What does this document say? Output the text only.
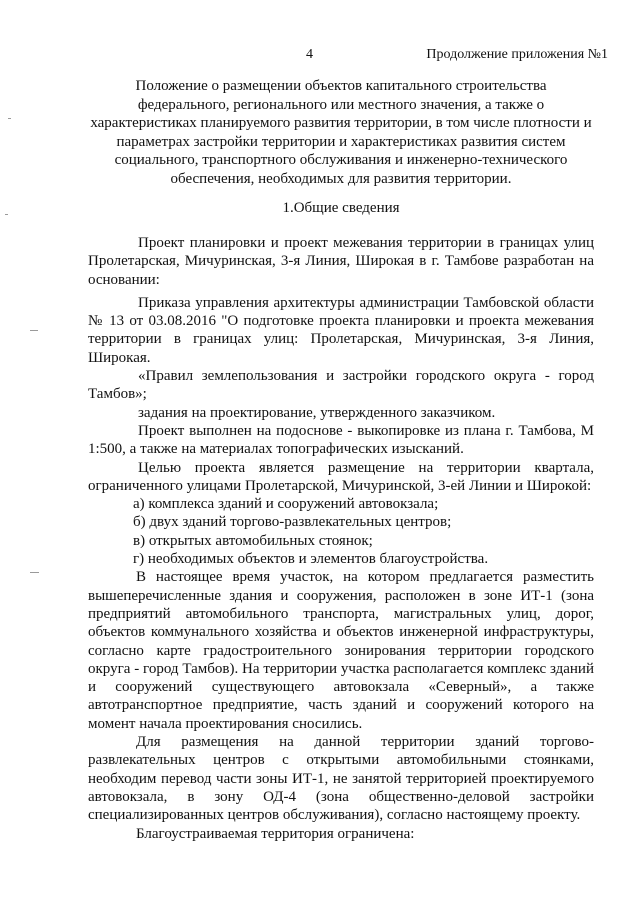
4	Продолжение приложения №1
Положение о размещении объектов капитального строительства федерального, регионального или местного значения, а также о характеристиках планируемого развития территории, в том числе плотности и параметрах застройки территории и характеристиках развития систем социального, транспортного обслуживания и инженерно-технического обеспечения, необходимых для развития территории.
1.Общие сведения

Проект планировки и проект межевания территории в границах улиц Пролетарская, Мичуринская, 3-я Линия, Широкая в г. Тамбове разработан на основании:

Приказа управления архитектуры администрации Тамбовской области № 13 от 03.08.2016 "О подготовке проекта планировки и проекта межевания территории в границах улиц: Пролетарская, Мичуринская, 3-я Линия, Широкая.

«Правил землепользования и застройки городского округа - город Тамбов»;

задания на проектирование, утвержденного заказчиком.

Проект выполнен на подоснове - выкопировке из плана г. Тамбова, М 1:500, а также на материалах топографических изысканий.

Целью проекта является размещение на территории квартала, ограниченного улицами Пролетарской, Мичуринской, 3-ей Линии и Широкой:

а) комплекса зданий и сооружений автовокзала;

б) двух зданий торгово-развлекательных центров;

в) открытых автомобильных стоянок;

г) необходимых объектов и элементов благоустройства.

В настоящее время участок, на котором предлагается разместить вышеперечисленные здания и сооружения, расположен в зоне ИТ-1 (зона предприятий автомобильного транспорта, магистральных улиц, дорог, объектов коммунального хозяйства и объектов инженерной инфраструктуры, согласно карте градостроительного зонирования территории городского округа - город Тамбов). На территории участка располагается комплекс зданий и сооружений существующего автовокзала «Северный», а также автотранспортное предприятие, часть зданий и сооружений которого на момент начала проектирования сносились.

Для размещения на данной территории зданий торгово-развлекательных центров с открытыми автомобильными стоянками, необходим перевод части зоны ИТ-1, не занятой территорией проектируемого автовокзала, в зону ОД-4 (зона общественно-деловой застройки специализированных центров обслуживания), согласно настоящему проекту.

Благоустраиваемая территория ограничена:
